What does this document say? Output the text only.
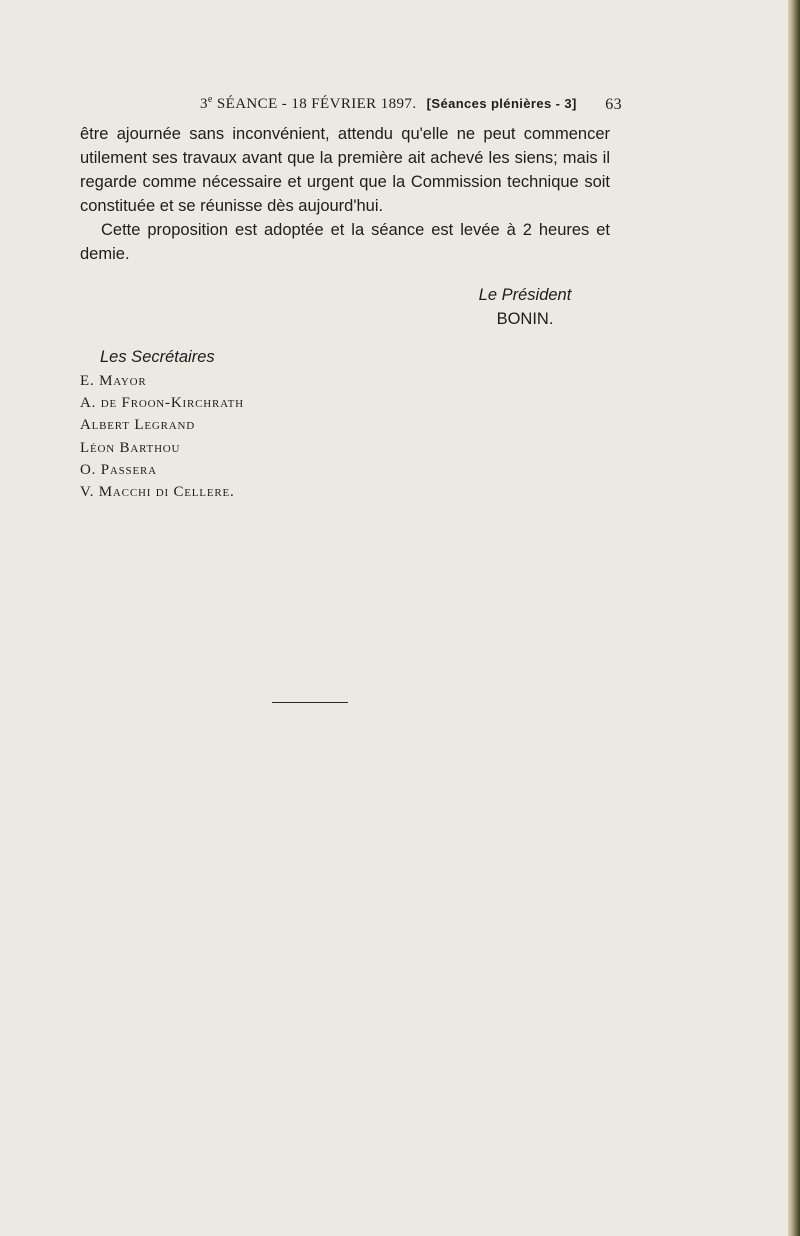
3e SÉANCE - 18 FÉVRIER 1897. [Séances plénières - 3] 63

être ajournée sans inconvénient, attendu qu'elle ne peut commencer utilement ses travaux avant que la première ait achevé les siens; mais il regarde comme nécessaire et urgent que la Commission technique soit constituée et se réunisse dès aujourd'hui.

Cette proposition est adoptée et la séance est levée à 2 heures et demie.

Le Président
BONIN.
Les Secrétaires
E. Mayor
A. de Froon-Kirchrath
Albert Legrand
Léon Barthou
O. Passera
V. Macchi di Cellere.
